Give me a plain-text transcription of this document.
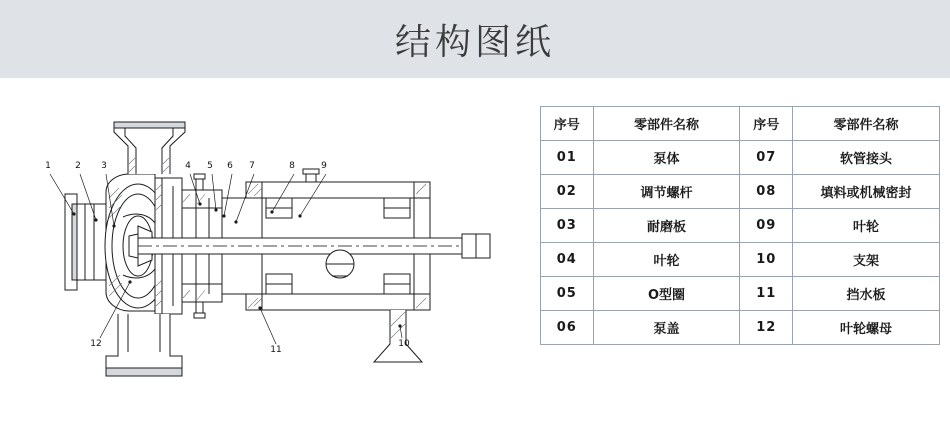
结构图纸
1	2 3	4 5 6 7	8	9
10
11
12
序号	零部件名称	序号	零部件名称
01	泵体	07	软管接头
02	调节螺杆	08	填料或机械密封
03	耐磨板	09	叶轮
04	叶轮	10	支架
05	O型圈	11	挡水板
06	泵盖	12	叶轮螺母
